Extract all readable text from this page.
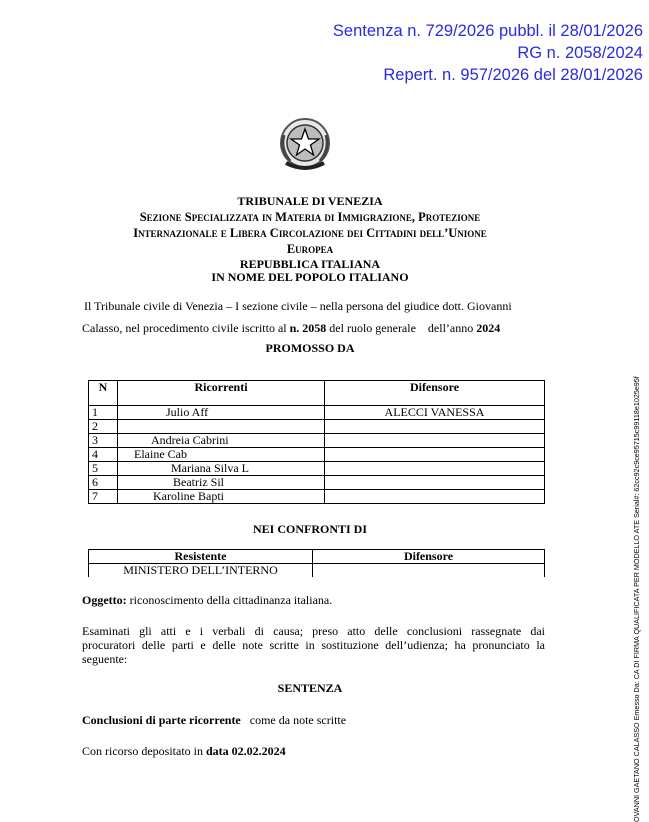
Sentenza n. 729/2026 pubbl. il 28/01/2026
RG n. 2058/2024
Repert. n. 957/2026 del 28/01/2026
TRIBUNALE DI VENEZIA
Sezione Specializzata in Materia di Immigrazione, Protezione
Internazionale e Libera Circolazione dei Cittadini dell’Unione
Europea
REPUBBLICA ITALIANA
IN NOME DEL POPOLO ITALIANO
Il Tribunale civile di Venezia – I sezione civile – nella persona del giudice dott. Giovanni
Calasso, nel procedimento civile iscritto al n. 2058 del ruolo generale    dell’anno 2024
PROMOSSO DA
N	Ricorrenti	Difensore
1	Julio Aff	ALECCI VANESSA
2		
3	Andreia Cabrini	
4	Elaine Cab	
5	Mariana Silva L	
6	Beatriz Sil	
7	Karoline Bapti	
NEI CONFRONTI DI
Resistente	Difensore
MINISTERO DELL’INTERNO	
Oggetto: riconoscimento della cittadinanza italiana.
Esaminati gli atti e i verbali di causa; preso atto delle conclusioni rassegnate dai
procuratori delle parti e delle note scritte in sostituzione dell’udienza; ha pronunciato la
seguente:
SENTENZA
Conclusioni di parte ricorrente   come da note scritte
Con ricorso depositato in data 02.02.2024	OVANNI GAETANO CALASSO Emesso Da: CA DI FIRMA QUALIFICATA PER MODELLO ATE Serial#: 62cc92c9ce95715c99118e1025e95f
